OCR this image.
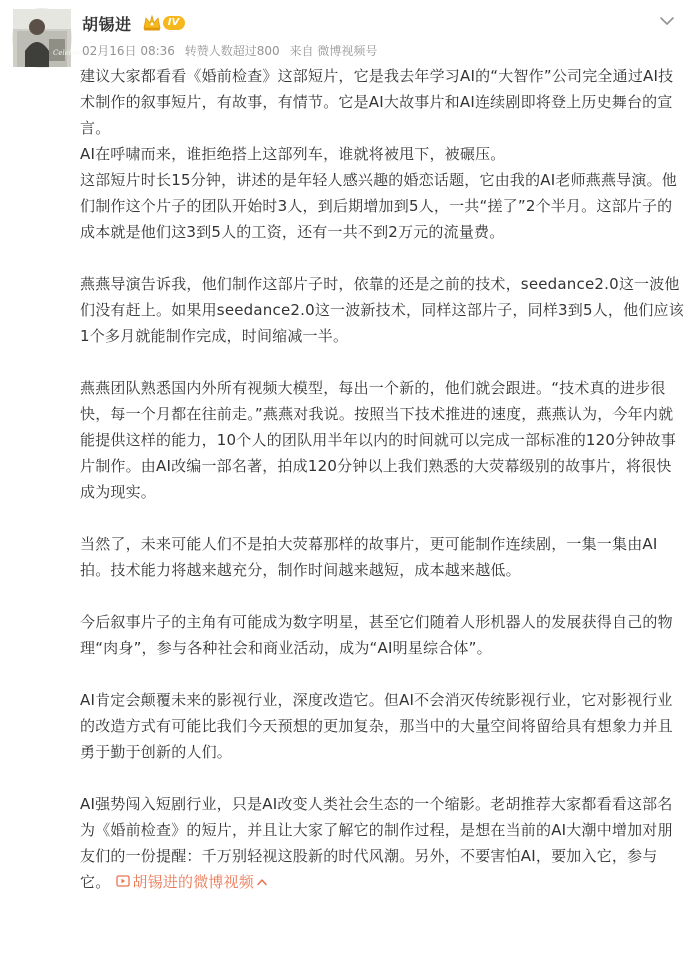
Celebrity
胡锡进	IV
02月16日 08:36 转赞人数超过800 来自 微博视频号

建议大家都看看《婚前检查》这部短片，它是我去年学习AI的“大智作”公司完全通过AI技术制作的叙事短片，有故事，有情节。它是AI大故事片和AI连续剧即将登上历史舞台的宣言。

AI在呼啸而来，谁拒绝搭上这部列车，谁就将被甩下，被碾压。

这部短片时长15分钟，讲述的是年轻人感兴趣的婚恋话题，它由我的AI老师燕燕导演。他们制作这个片子的团队开始时3人，到后期增加到5人，一共“搓了”2个半月。这部片子的成本就是他们这3到5人的工资，还有一共不到2万元的流量费。

燕燕导演告诉我，他们制作这部片子时，依靠的还是之前的技术，seedance2.0这一波他们没有赶上。如果用seedance2.0这一波新技术，同样这部片子，同样3到5人，他们应该1个多月就能制作完成，时间缩减一半。

燕燕团队熟悉国内外所有视频大模型，每出一个新的，他们就会跟进。“技术真的进步很快，每一个月都在往前走。”燕燕对我说。按照当下技术推进的速度，燕燕认为，今年内就能提供这样的能力，10个人的团队用半年以内的时间就可以完成一部标准的120分钟故事片制作。由AI改编一部名著，拍成120分钟以上我们熟悉的大荧幕级别的故事片，将很快成为现实。

当然了，未来可能人们不是拍大荧幕那样的故事片，更可能制作连续剧，一集一集由AI拍。技术能力将越来越充分，制作时间越来越短，成本越来越低。

今后叙事片子的主角有可能成为数字明星，甚至它们随着人形机器人的发展获得自己的物理“肉身”，参与各种社会和商业活动，成为“AI明星综合体”。

AI肯定会颠覆未来的影视行业，深度改造它。但AI不会消灭传统影视行业，它对影视行业的改造方式有可能比我们今天预想的更加复杂，那当中的大量空间将留给具有想象力并且勇于勤于创新的人们。

AI强势闯入短剧行业，只是AI改变人类社会生态的一个缩影。老胡推荐大家都看看这部名为《婚前检查》的短片，并且让大家了解它的制作过程，是想在当前的AI大潮中增加对朋友们的一份提醒：千万别轻视这股新的时代风潮。另外，不要害怕AI，要加入它，参与它。 胡锡进的微博视频
